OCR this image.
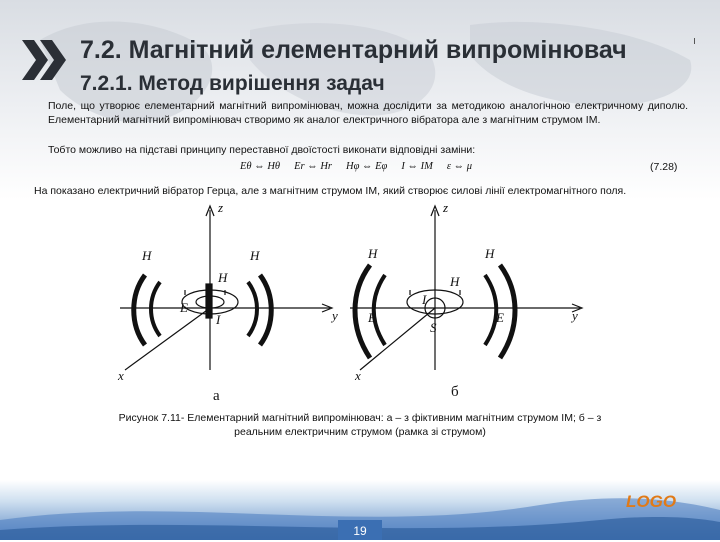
7.2. Магнітний елементарний випромінювач
7.2.1. Метод вирішення задач
Поле, що утворює елементарний магнітний випромінювач, можна дослідити за методикою аналогічною електричному диполю. Елементарний магнітний випромінювач створимо як аналог електричного вібратора але з магнітним струмом IМ.
Тобто можливо на підставі принципу переставної двоїстості виконати відповідні заміни:
Eθ ⇔ Hθ Er ⇔ Hr Hφ ⇔ Eφ I ⇔ IМ ε ⇔ μ	(7.28)
На показано електричний вібратор Герца, але з магнітним струмом IМ, який створює силові лінії електромагнітного поля.
z
y
x
H	H
H
E
I
z
y
x
H	H
H
E	E
I
S
а	б
Рисунок 7.11- Елементарний магнітний випромінювач: а – з фіктивним магнітним струмом IМ; б – з реальним електричним струмом (рамка зі струмом)
LOGO
19
